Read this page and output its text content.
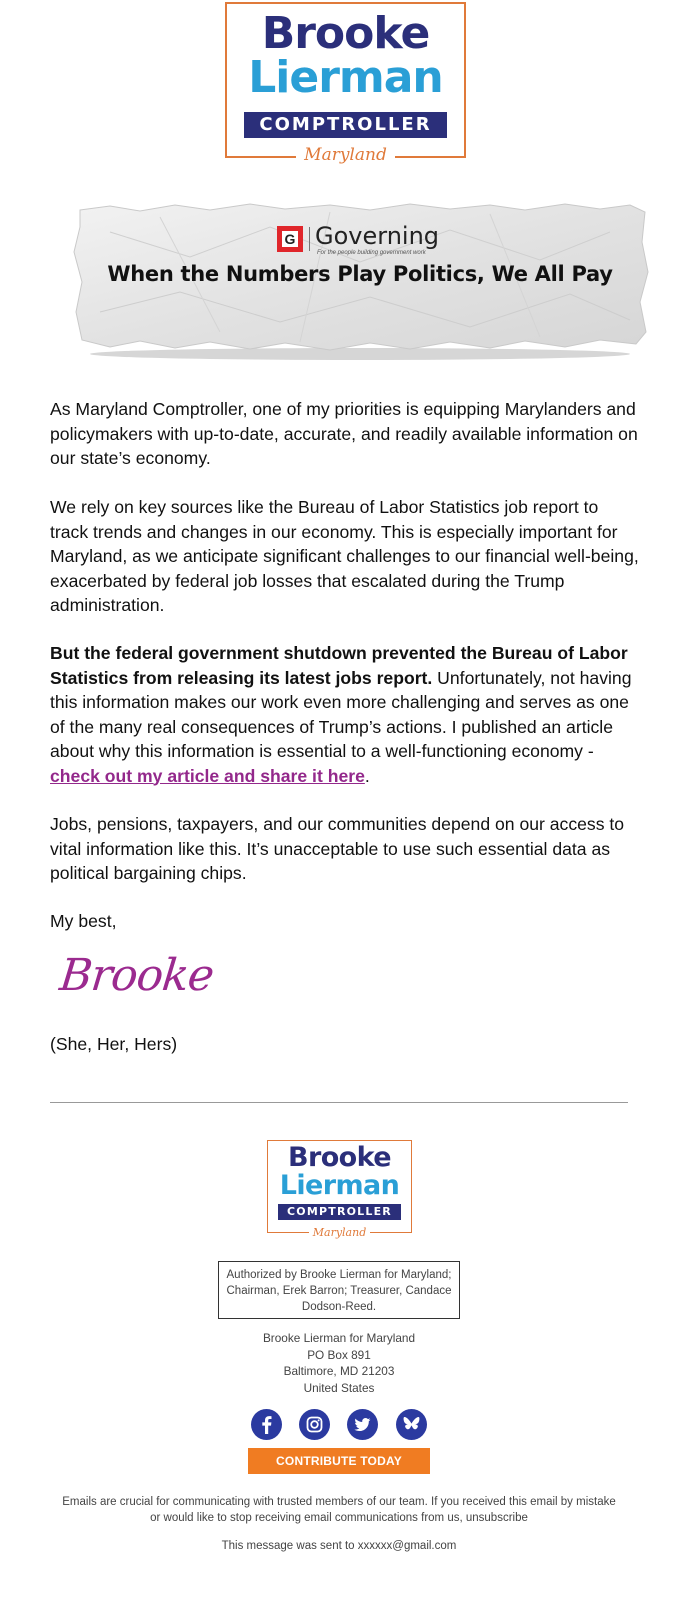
Brooke
Lierman
COMPTROLLER
Maryland
G Governing
For the people building government work
When the Numbers Play Politics, We All Pay

As Maryland Comptroller, one of my priorities is equipping Marylanders and policymakers with up-to-date, accurate, and readily available information on our state’s economy.

We rely on key sources like the Bureau of Labor Statistics job report to track trends and changes in our economy. This is especially important for Maryland, as we anticipate significant challenges to our financial well-being, exacerbated by federal job losses that escalated during the Trump administration.

But the federal government shutdown prevented the Bureau of Labor Statistics from releasing its latest jobs report. Unfortunately, not having this information makes our work even more challenging and serves as one of the many real consequences of Trump’s actions. I published an article about why this information is essential to a well-functioning economy - check out my article and share it here.

Jobs, pensions, taxpayers, and our communities depend on our access to vital information like this. It’s unacceptable to use such essential data as political bargaining chips.

My best,

Brooke

(She, Her, Hers)

Brooke
Lierman
COMPTROLLER
Maryland
Authorized by Brooke Lierman for Maryland; Chairman, Erek Barron; Treasurer, Candace Dodson-Reed.
Brooke Lierman for Maryland
PO Box 891
Baltimore, MD 21203
United States
CONTRIBUTE TODAY
Emails are crucial for communicating with trusted members of our team. If you received this email by mistake or would like to stop receiving email communications from us, unsubscribe
This message was sent to xxxxxx@gmail.com
